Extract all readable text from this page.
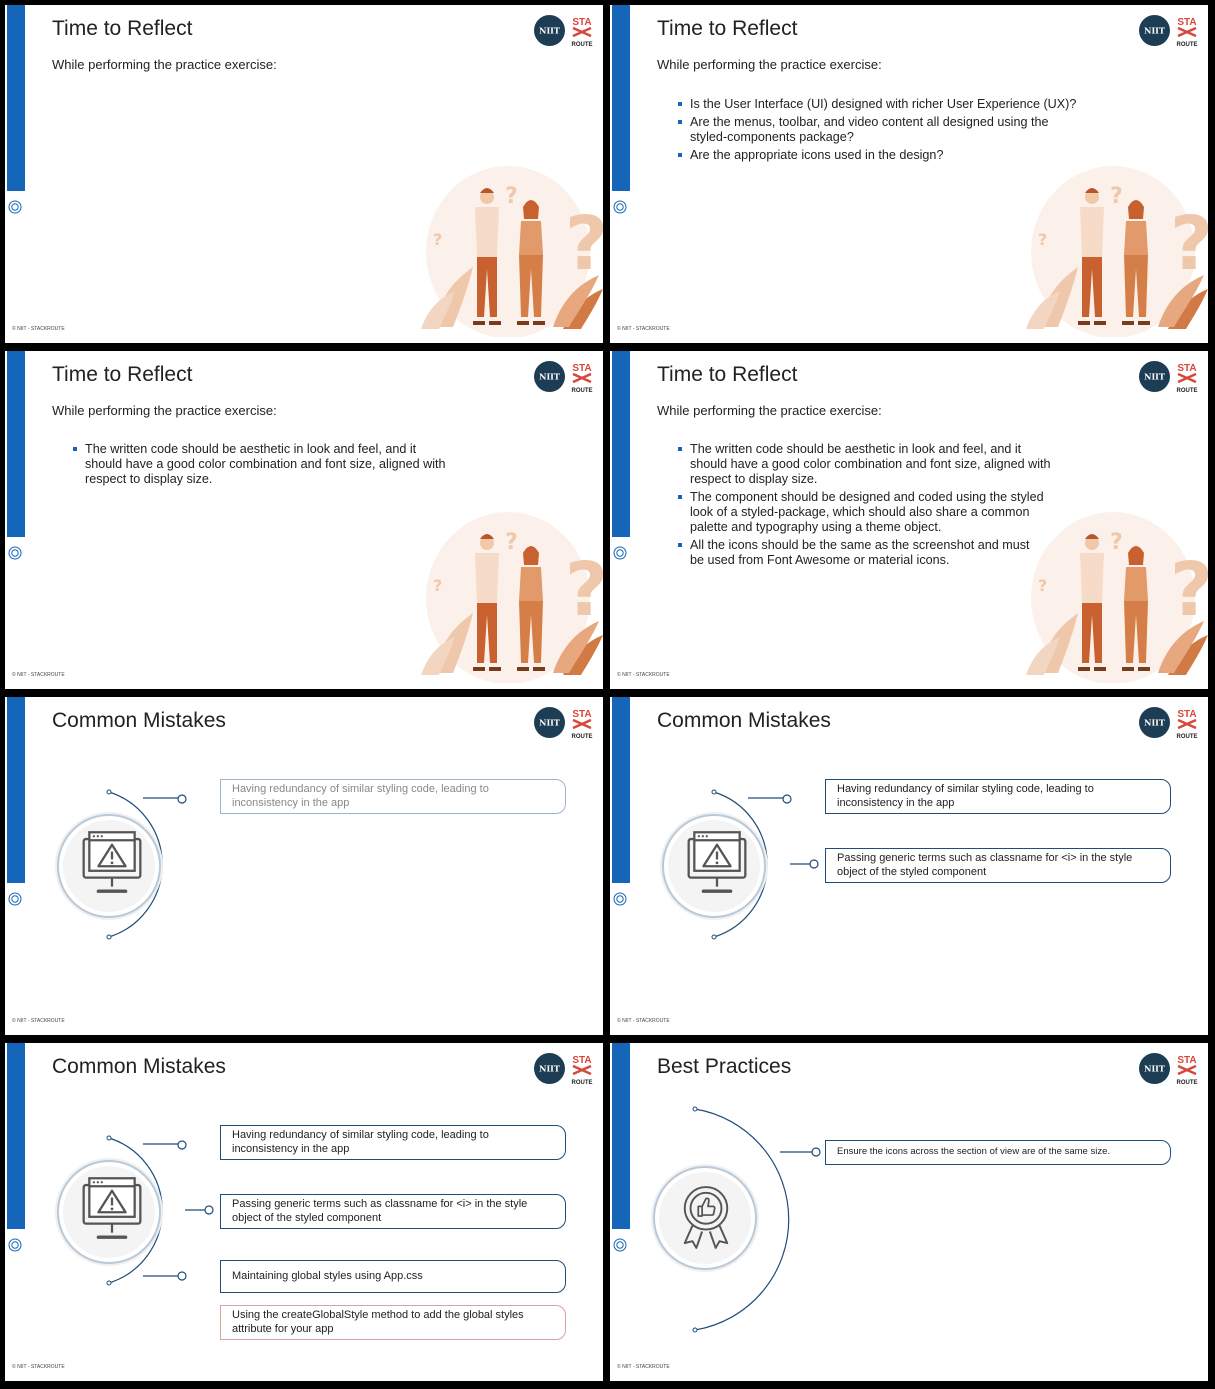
Time to Reflect
While performing the practice exercise:
NIIT
STA
ROUTE
© NIIT - STACKROUTE
Time to Reflect
While performing the practice exercise:
NIIT
STA
ROUTE
Is the User Interface (UI) designed with richer User Experience (UX)?
Are the menus, toolbar, and video content all designed using the styled-components package?
Are the appropriate icons used in the design?
© NIIT - STACKROUTE
Time to Reflect
While performing the practice exercise:
NIIT
STA
ROUTE
The written code should be aesthetic in look and feel, and it should have a good color combination and font size, aligned with respect to display size.
© NIIT - STACKROUTE
Time to Reflect
While performing the practice exercise:
NIIT
STA
ROUTE
The written code should be aesthetic in look and feel, and it should have a good color combination and font size, aligned with respect to display size.
The component should be designed and coded using the styled look of a styled-package, which should also share a common palette and typography using a theme object.
All the icons should be the same as the screenshot and must be used from Font Awesome or material icons.
© NIIT - STACKROUTE
Common Mistakes	NIIT
STA
ROUTE
Having redundancy of similar styling code, leading to inconsistency in the app
© NIIT - STACKROUTE
Common Mistakes	NIIT
STA
ROUTE
Having redundancy of similar styling code, leading to inconsistency in the app
Passing generic terms such as classname for <i> in the style object of the styled component
© NIIT - STACKROUTE
Common Mistakes	NIIT
STA
ROUTE
Having redundancy of similar styling code, leading to inconsistency in the app
Passing generic terms such as classname for <i> in the style object of the styled component
Maintaining global styles using App.css
Using the createGlobalStyle method to add the global styles attribute for your app
© NIIT - STACKROUTE
Best Practices	NIIT
STA
ROUTE
Ensure the icons across the section of view are of the same size.
© NIIT - STACKROUTE
